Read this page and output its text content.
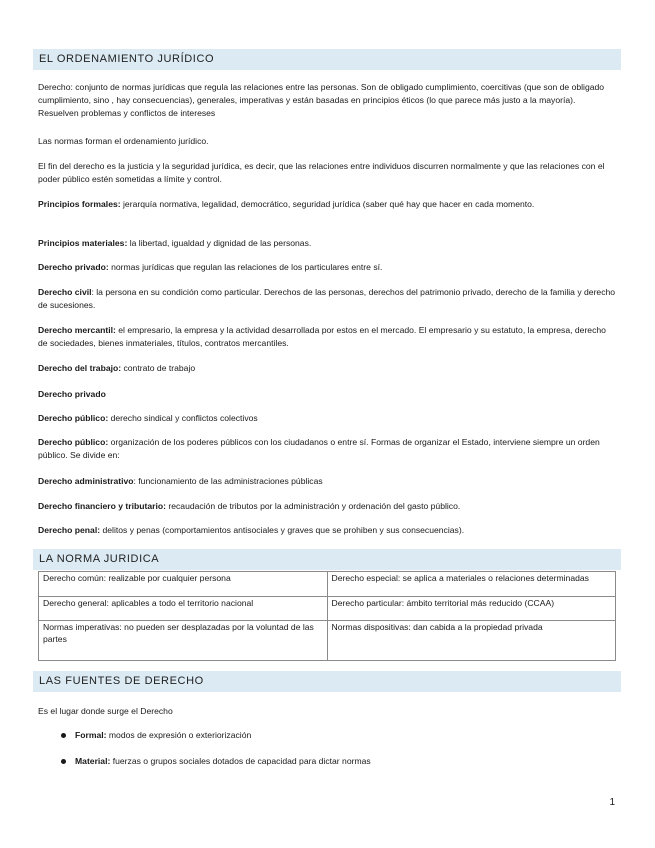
EL ORDENAMIENTO JURÍDICO

Derecho: conjunto de normas jurídicas que regula las relaciones entre las personas. Son de obligado cumplimiento, coercitivas (que son de obligado cumplimiento, sino , hay consecuencias), generales, imperativas y están basadas en principios éticos (lo que parece más justo a la mayoría). Resuelven problemas y conflictos de intereses

Las normas forman el ordenamiento jurídico.

El fin del derecho es la justicia y la seguridad jurídica, es decir, que las relaciones entre individuos discurren normalmente y que las relaciones con el poder público estén sometidas a límite y control.

Principios formales: jerarquía normativa, legalidad, democrático, seguridad jurídica (saber qué hay que hacer en cada momento.

Principios materiales: la libertad, igualdad y dignidad de las personas.

Derecho privado: normas jurídicas que regulan las relaciones de los particulares entre sí.

Derecho civil: la persona en su condición como particular. Derechos de las personas, derechos del patrimonio privado, derecho de la familia y derecho de sucesiones.

Derecho mercantil: el empresario, la empresa y la actividad desarrollada por estos en el mercado. El empresario y su estatuto, la empresa, derecho de sociedades, bienes inmateriales, títulos, contratos mercantiles.

Derecho del trabajo: contrato de trabajo

Derecho privado

Derecho público: derecho sindical y conflictos colectivos

Derecho público: organización de los poderes públicos con los ciudadanos o entre sí. Formas de organizar el Estado, interviene siempre un orden público. Se divide en:

Derecho administrativo: funcionamiento de las administraciones públicas

Derecho financiero y tributario: recaudación de tributos por la administración y ordenación del gasto público.

Derecho penal: delitos y penas (comportamientos antisociales y graves que se prohiben y sus consecuencias).

LA NORMA JURIDICA
Derecho común: realizable por cualquier persona	Derecho especial: se aplica a materiales o relaciones determinadas
Derecho general: aplicables a todo el territorio nacional	Derecho particular: ámbito territorial más reducido (CCAA)
Normas imperativas: no pueden ser desplazadas por la voluntad de las partes	Normas dispositivas: dan cabida a la propiedad privada
LAS FUENTES DE DERECHO

Es el lugar donde surge el Derecho

Formal: modos de expresión o exteriorización
Material: fuerzas o grupos sociales dotados de capacidad para dictar normas
1
